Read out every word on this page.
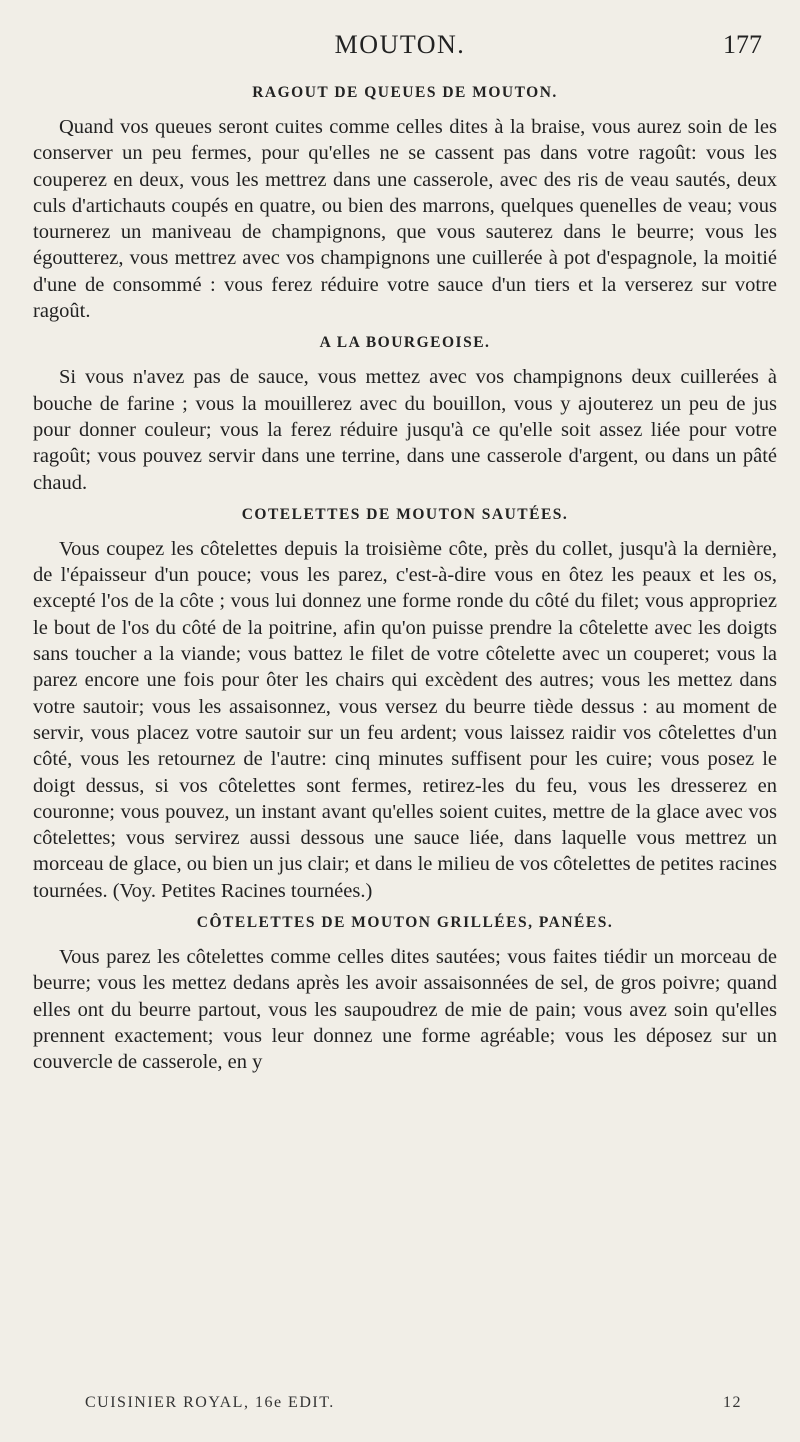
MOUTON.	177
RAGOUT DE QUEUES DE MOUTON.

Quand vos queues seront cuites comme celles dites à la braise, vous aurez soin de les conserver un peu fermes, pour qu'elles ne se cassent pas dans votre ragoût: vous les couperez en deux, vous les mettrez dans une casserole, avec des ris de veau sautés, deux culs d'artichauts coupés en quatre, ou bien des marrons, quelques quenelles de veau; vous tournerez un maniveau de champignons, que vous sauterez dans le beurre; vous les égoutterez, vous mettrez avec vos champignons une cuillerée à pot d'espagnole, la moitié d'une de consommé : vous ferez réduire votre sauce d'un tiers et la verserez sur votre ragoût.

A LA BOURGEOISE.

Si vous n'avez pas de sauce, vous mettez avec vos champignons deux cuillerées à bouche de farine ; vous la mouillerez avec du bouillon, vous y ajouterez un peu de jus pour donner couleur; vous la ferez réduire jusqu'à ce qu'elle soit assez liée pour votre ragoût; vous pouvez servir dans une terrine, dans une casserole d'argent, ou dans un pâté chaud.

COTELETTES DE MOUTON SAUTÉES.

Vous coupez les côtelettes depuis la troisième côte, près du collet, jusqu'à la dernière, de l'épaisseur d'un pouce; vous les parez, c'est-à-dire vous en ôtez les peaux et les os, excepté l'os de la côte ; vous lui donnez une forme ronde du côté du filet; vous appropriez le bout de l'os du côté de la poitrine, afin qu'on puisse prendre la côtelette avec les doigts sans toucher a la viande; vous battez le filet de votre côtelette avec un couperet; vous la parez encore une fois pour ôter les chairs qui excèdent des autres; vous les mettez dans votre sautoir; vous les assaisonnez, vous versez du beurre tiède dessus : au moment de servir, vous placez votre sautoir sur un feu ardent; vous laissez raidir vos côtelettes d'un côté, vous les retournez de l'autre: cinq minutes suffisent pour les cuire; vous posez le doigt dessus, si vos côtelettes sont fermes, retirez-les du feu, vous les dresserez en couronne; vous pouvez, un instant avant qu'elles soient cuites, mettre de la glace avec vos côtelettes; vous servirez aussi dessous une sauce liée, dans laquelle vous mettrez un morceau de glace, ou bien un jus clair; et dans le milieu de vos côtelettes de petites racines tournées. (Voy. Petites Racines tournées.)

CÔTELETTES DE MOUTON GRILLÉES, PANÉES.

Vous parez les côtelettes comme celles dites sautées; vous faites tiédir un morceau de beurre; vous les mettez dedans après les avoir assaisonnées de sel, de gros poivre; quand elles ont du beurre partout, vous les saupoudrez de mie de pain; vous avez soin qu'elles prennent exactement; vous leur donnez une forme agréable; vous les déposez sur un couvercle de casserole, en y

CUISINIER ROYAL, 16e EDIT.	12
